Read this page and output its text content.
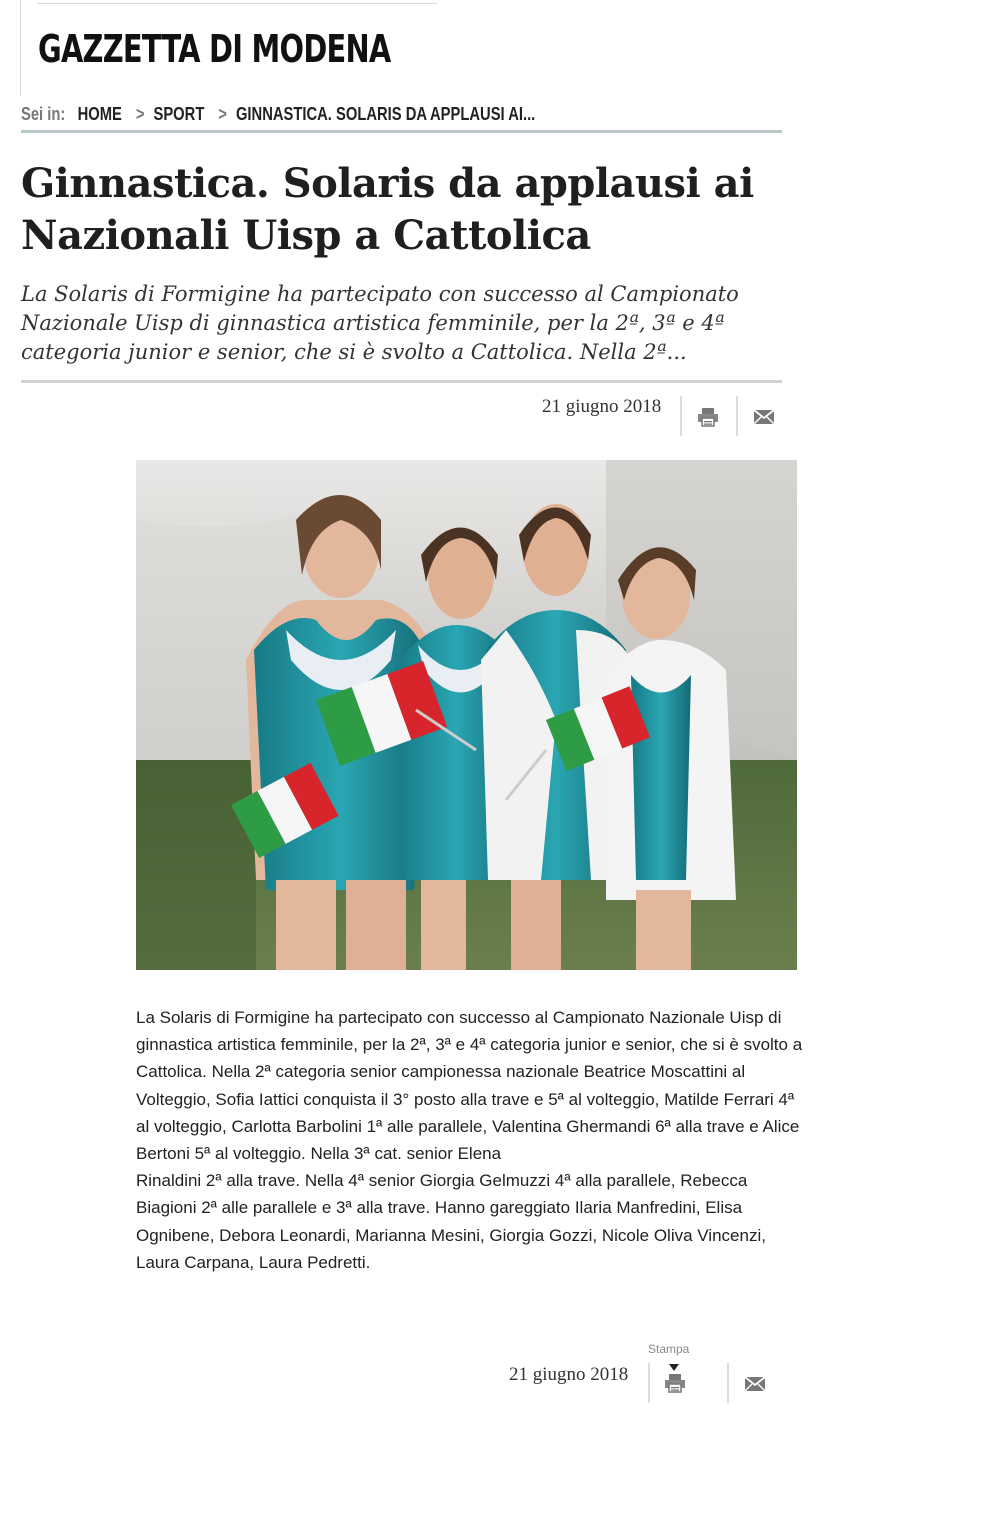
GAZZETTA DI MODENA
Sei in: HOME > SPORT > GINNASTICA. SOLARIS DA APPLAUSI AI...
Ginnastica. Solaris da applausi ai Nazionali Uisp a Cattolica

La Solaris di Formigine ha partecipato con successo al Campionato Nazionale Uisp di ginnastica artistica femminile, per la 2ª, 3ª e 4ª categoria junior e senior, che si è svolto a Cattolica. Nella 2ª...

21 giugno 2018

La Solaris di Formigine ha partecipato con successo al Campionato Nazionale Uisp di ginnastica artistica femminile, per la 2ª, 3ª e 4ª categoria junior e senior, che si è svolto a Cattolica. Nella 2ª categoria senior campionessa nazionale Beatrice Moscattini al Volteggio, Sofia Iattici conquista il 3° posto alla trave e 5ª al volteggio, Matilde Ferrari 4ª al volteggio, Carlotta Barbolini 1ª alle parallele, Valentina Ghermandi 6ª alla trave e Alice Bertoni 5ª al volteggio. Nella 3ª cat. senior Elena

Rinaldini 2ª alla trave. Nella 4ª senior Giorgia Gelmuzzi 4ª alla parallele, Rebecca Biagioni 2ª alle parallele e 3ª alla trave. Hanno gareggiato Ilaria Manfredini, Elisa Ognibene, Debora Leonardi, Marianna Mesini, Giorgia Gozzi, Nicole Oliva Vincenzi, Laura Carpana, Laura Pedretti.

Stampa
21 giugno 2018
